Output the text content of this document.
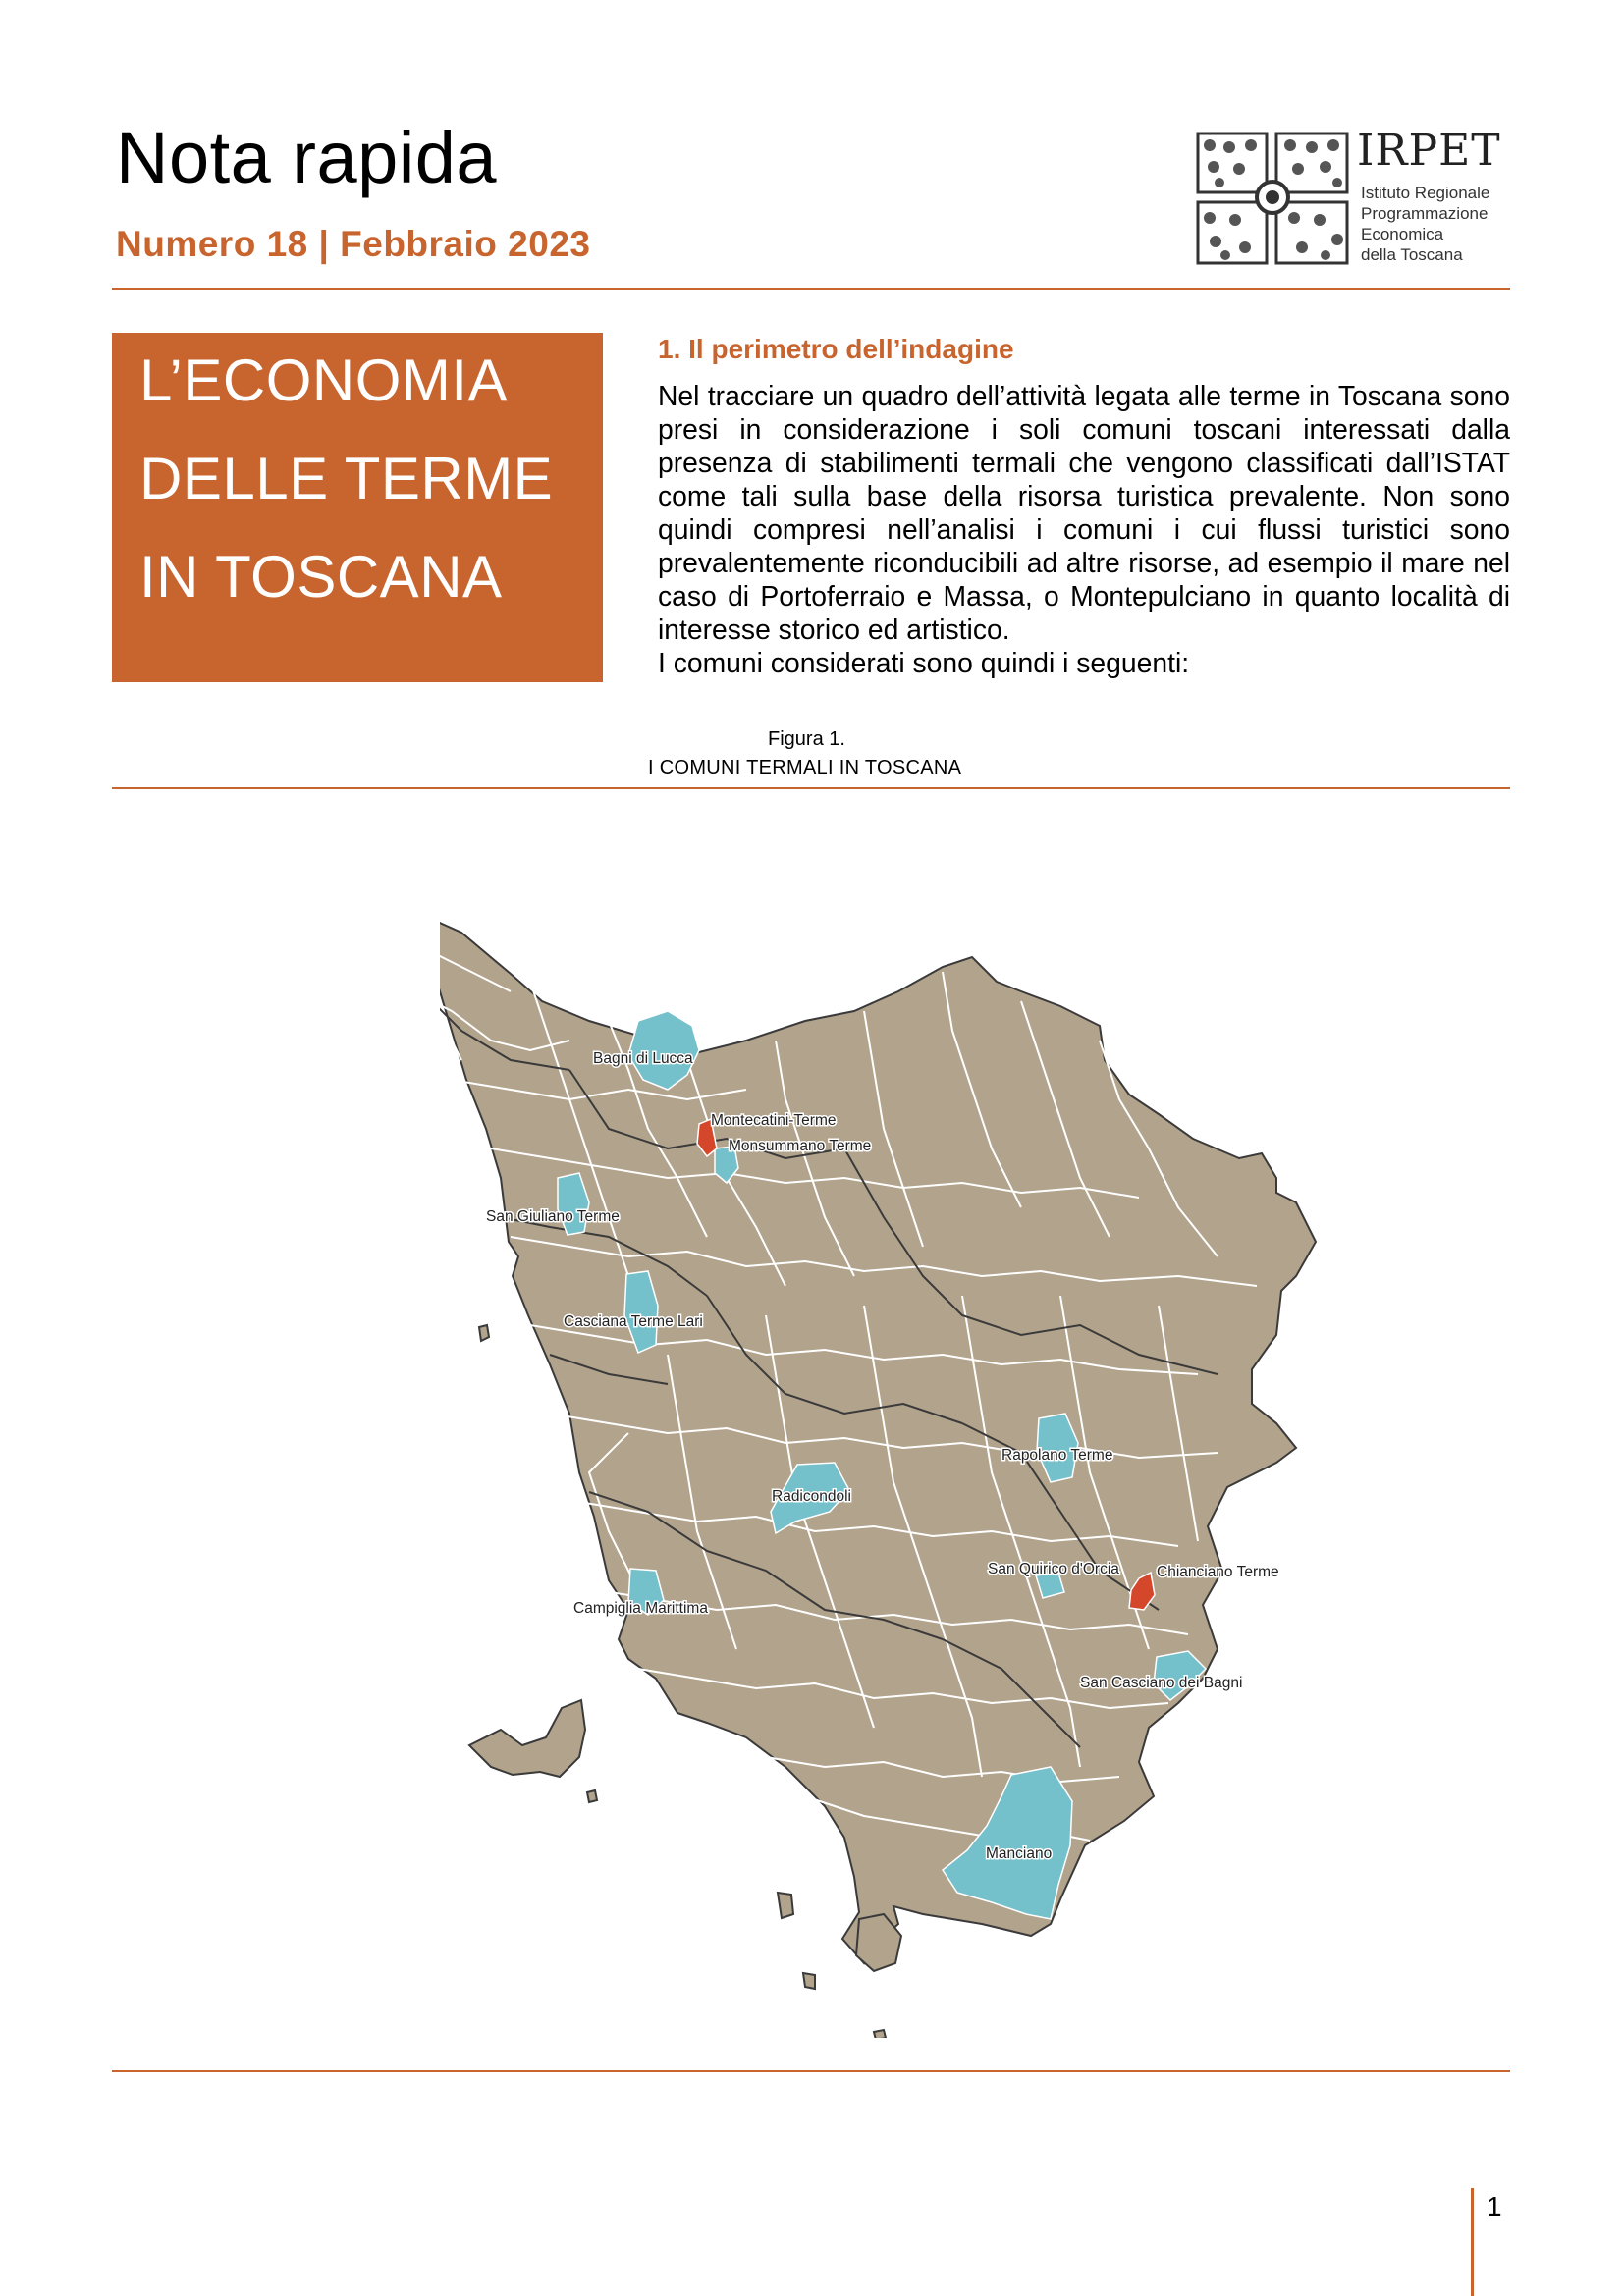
Nota rapida
Numero 18 | Febbraio 2023
IRPET
Istituto Regionale
Programmazione
Economica
della Toscana
L’ECONOMIA
DELLE TERME
IN TOSCANA
1. Il perimetro dell’indagine

Nel tracciare un quadro dell’attività legata alle terme in Toscana sono presi in considerazione i soli comuni toscani interessati dalla presenza di stabilimenti termali che vengono classificati dall’ISTAT come tali sulla base della risorsa turistica prevalente. Non sono quindi compresi nell’analisi i comuni i cui flussi turistici sono prevalentemente riconducibili ad altre risorse, ad esempio il mare nel caso di Portoferraio e Massa, o Montepulciano in quanto località di interesse storico ed artistico.

I comuni considerati sono quindi i seguenti:

Figura 1.
I COMUNI TERMALI IN TOSCANA
Bagni di Lucca
Montecatini-Terme
Monsummano Terme
San Giuliano Terme
Casciana Terme Lari
Rapolano Terme
Radicondoli
San Quirico d'Orcia Chianciano Terme
Campiglia Marittima
San Casciano dei Bagni
Manciano
1
